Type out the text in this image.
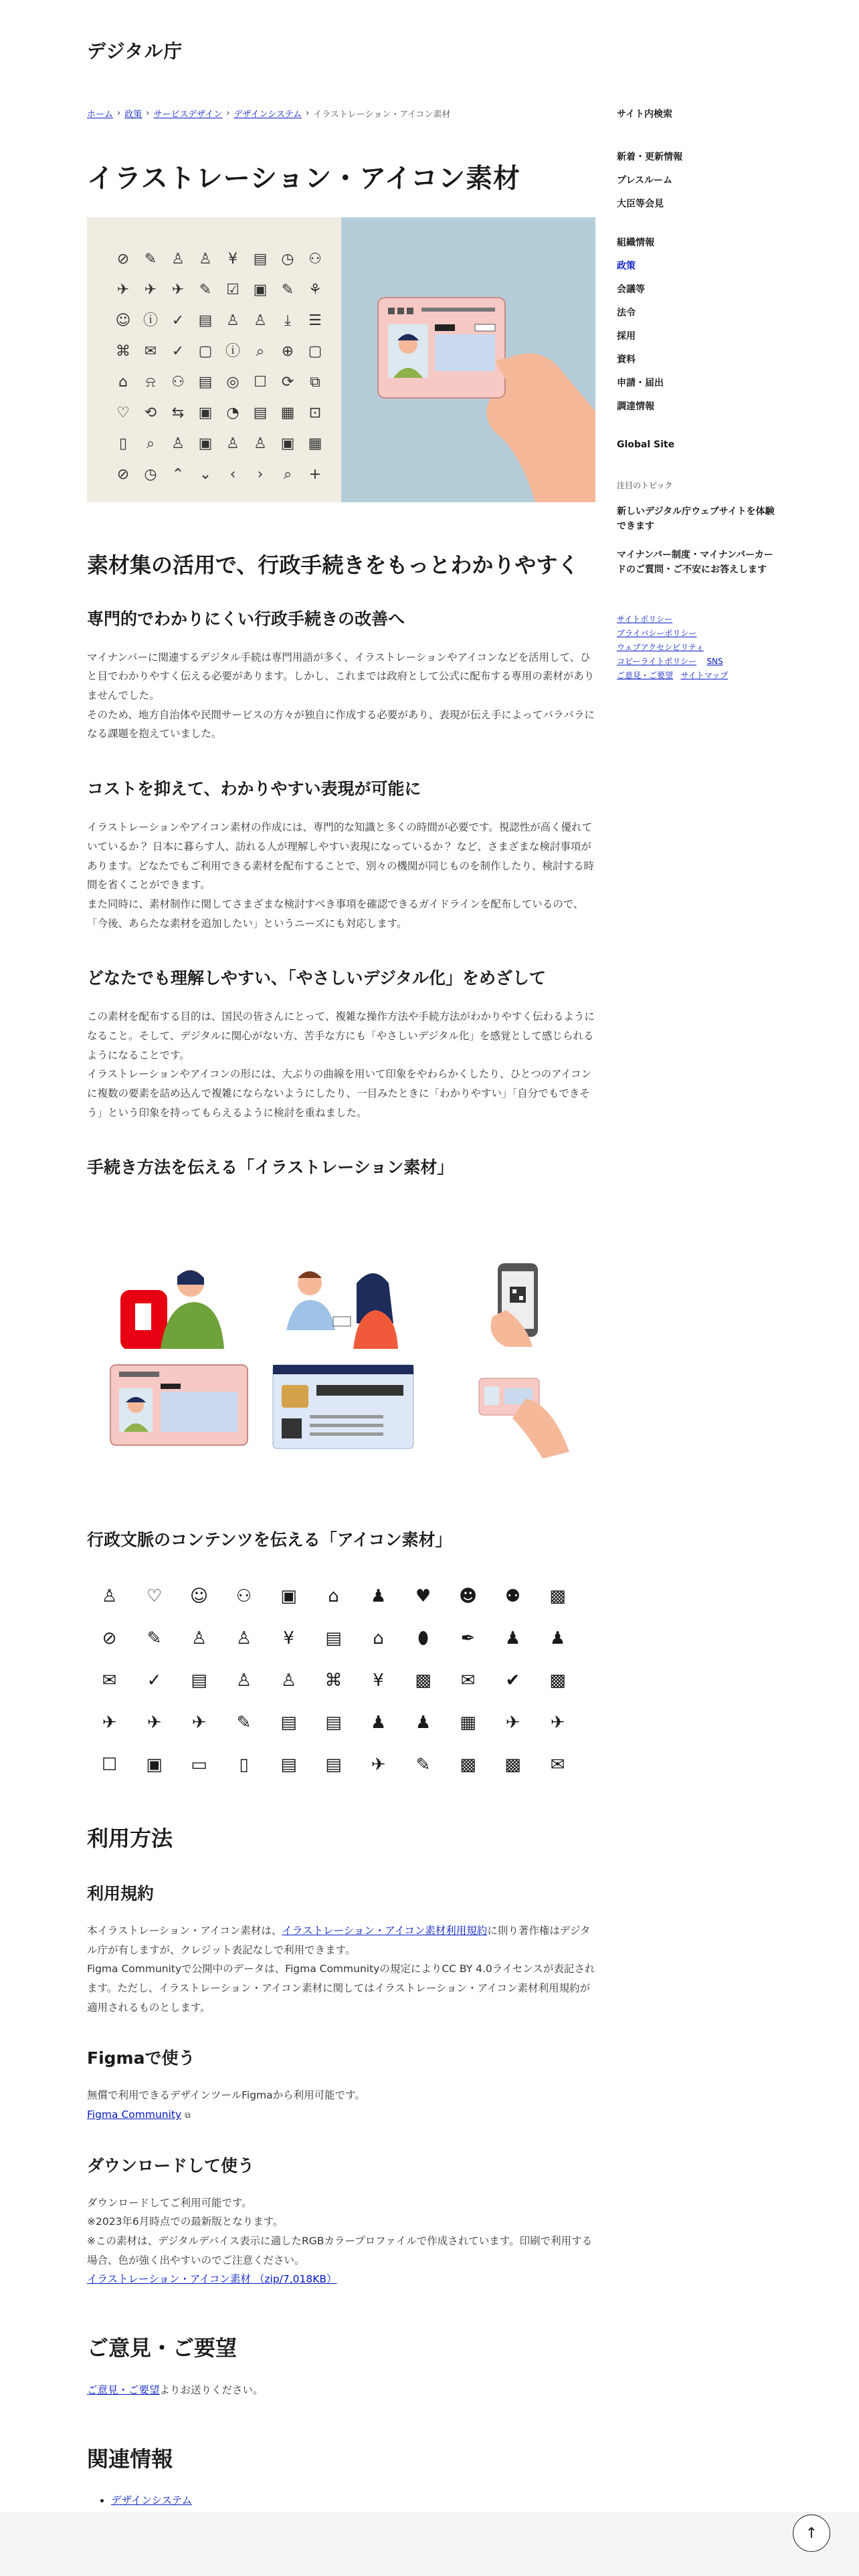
デジタル庁
ホーム › 政策 › サービスデザイン › デザインシステム › イラストレーション・アイコン素材
イラストレーション・アイコン素材
⊘	✎ ♙ ♙	¥	▤ ◷ ⚇
✈	✈	✈	✎ ☑ ▣ ✎ ⚘
☺ ⓘ ✓ ▤ ♙ ♙	⤓	☰
⌘ ✉	✓ ▢ ⓘ	⌕	⊕ ▢
⌂	⍾	⚇ ▤ ◎ ☐ ⟳	⧉
♡ ⟲	⇆ ▣ ◔ ▤ ▦ ⊡
▯	⌕	♙ ▣ ♙ ♙ ▣ ▦
⊘	◷	⌃	⌄	‹	›	⌕	+
素材集の活用で、行政手続きをもっとわかりやすく
専門的でわかりにくい行政手続きの改善へ

マイナンバーに関連するデジタル手続は専門用語が多く、イラストレーションやアイコンなどを活用して、ひと目でわかりやすく伝える必要があります。しかし、これまでは政府として公式に配布する専用の素材がありませんでした。

そのため、地方自治体や民間サービスの方々が独自に作成する必要があり、表現が伝え手によってバラバラになる課題を抱えていました。

コストを抑えて、わかりやすい表現が可能に

イラストレーションやアイコン素材の作成には、専門的な知識と多くの時間が必要です。視認性が高く優れていているか？ 日本に暮らす人、訪れる人が理解しやすい表現になっているか？ など、さまざまな検討事項があります。どなたでもご利用できる素材を配布することで、別々の機関が同じものを制作したり、検討する時間を省くことができます。

また同時に、素材制作に関してさまざまな検討すべき事項を確認できるガイドラインを配布しているので、「今後、あらたな素材を追加したい」というニーズにも対応します。

どなたでも理解しやすい、「やさしいデジタル化」をめざして

この素材を配布する目的は、国民の皆さんにとって、複雑な操作方法や手続方法がわかりやすく伝わるようになること。そして、デジタルに関心がない方、苦手な方にも「やさしいデジタル化」を感覚として感じられるようになることです。

イラストレーションやアイコンの形には、大ぶりの曲線を用いて印象をやわらかくしたり、ひとつのアイコンに複数の要素を詰め込んで複雑にならないようにしたり、一目みたときに「わかりやすい」「自分でもできそう」という印象を持ってもらえるように検討を重ねました。

手続き方法を伝える「イラストレーション素材」
行政文脈のコンテンツを伝える「アイコン素材」
♙	♡	☺	⚇	▣	⌂	♟	♥	☻	⚉	▩
⊘	✎	♙	♙	¥	▤	⌂	⬮	✒	♟	♟
✉	✓	▤	♙	♙	⌘	¥	▩	✉	✔	▩
✈	✈	✈	✎	▤	▤	♟	♟	▦	✈	✈
☐	▣	▭	▯	▤	▤	✈	✎	▩	▩	✉
利用方法
利用規約

本イラストレーション・アイコン素材は、イラストレーション・アイコン素材利用規約に則り著作権はデジタル庁が有しますが、クレジット表記なしで利用できます。

Figma Communityで公開中のデータは、Figma Communityの規定によりCC BY 4.0ライセンスが表記されます。ただし、イラストレーション・アイコン素材に関してはイラストレーション・アイコン素材利用規約が適用されるものとします。

Figmaで使う

無償で利用できるデザインツールFigmaから利用可能です。

Figma Community ⧉

ダウンロードして使う

ダウンロードしてご利用可能です。

※2023年6月時点での最新版となります。

※この素材は、デジタルデバイス表示に適したRGBカラープロファイルで作成されています。印刷で利用する場合、色が強く出やすいのでご注意ください。

イラストレーション・アイコン素材 （zip/7,018KB）

ご意見・ご要望

ご意見・ご要望よりお送りください。

関連情報
• デザインシステム
サイト内検索
新着・更新情報
プレスルーム
大臣等会見
組織情報
政策
会議等
法令
採用
資料
申請・届出
調達情報
Global Site
注目のトピック
新しいデジタル庁ウェブサイトを体験できます
マイナンバー制度・マイナンバーカードのご質問・ご不安にお答えします
サイトポリシー
プライバシーポリシー
ウェブアクセシビリティ
コピーライトポリシー SNS
ご意見・ご要望 サイトマップ
↑
